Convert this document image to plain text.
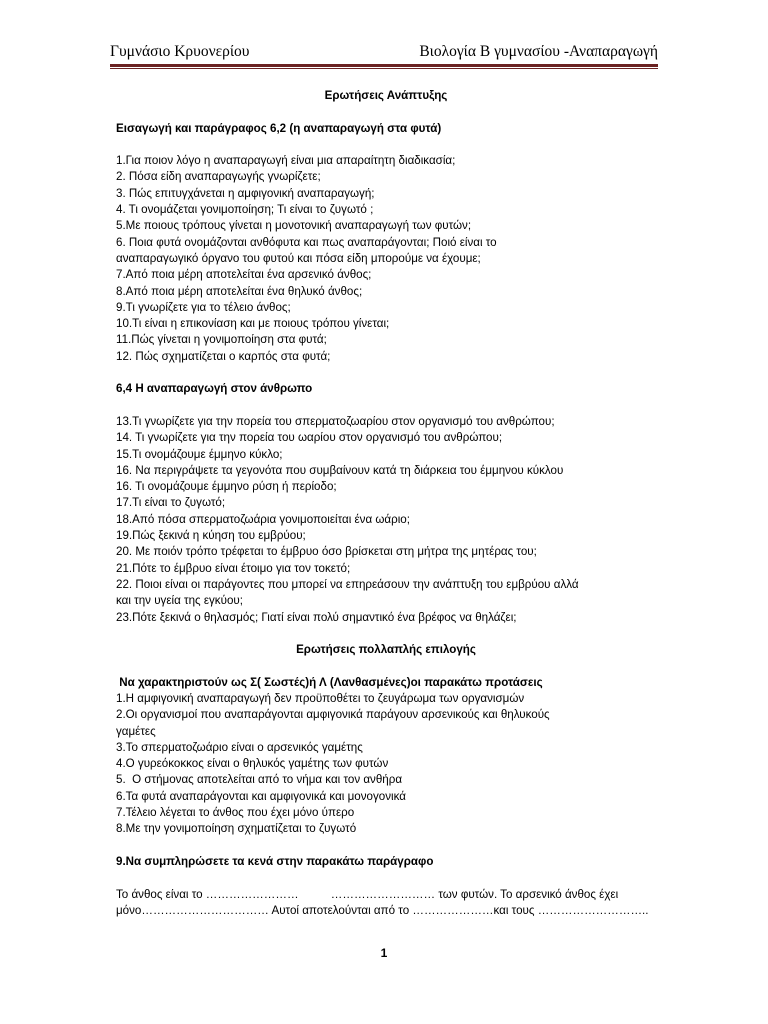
Γυμνάσιο Κρυονερίου	Βιολογία Β γυμνασίου -Αναπαραγωγή
Ερωτήσεις Ανάπτυξης
Εισαγωγή και παράγραφος 6,2 (η αναπαραγωγή στα φυτά)
1.Για ποιον λόγο η αναπαραγωγή είναι μια απαραίτητη διαδικασία;
2. Πόσα είδη αναπαραγωγής γνωρίζετε;
3. Πώς επιτυγχάνεται η αμφιγονική αναπαραγωγή;
4. Τι ονομάζεται γονιμοποίηση; Τι είναι το ζυγωτό ;
5.Με ποιους τρόπους γίνεται η μονοτονική αναπαραγωγή των φυτών;
6. Ποια φυτά ονομάζονται ανθόφυτα και πως αναπαράγονται; Ποιό είναι το
αναπαραγωγικό όργανο του φυτού και πόσα είδη μπορούμε να έχουμε;
7.Από ποια μέρη αποτελείται ένα αρσενικό άνθος;
8.Από ποια μέρη αποτελείται ένα θηλυκό άνθος;
9.Τι γνωρίζετε για το τέλειο άνθος;
10.Τι είναι η επικονίαση και με ποιους τρόπου γίνεται;
11.Πώς γίνεται η γονιμοποίηση στα φυτά;
12. Πώς σχηματίζεται ο καρπός στα φυτά;
6,4 Η αναπαραγωγή στον άνθρωπο
13.Τι γνωρίζετε για την πορεία του σπερματοζωαρίου στον οργανισμό του ανθρώπου;
14. Τι γνωρίζετε για την πορεία του ωαρίου στον οργανισμό του ανθρώπου;
15.Τι ονομάζουμε έμμηνο κύκλο;
16. Να περιγράψετε τα γεγονότα που συμβαίνουν κατά τη διάρκεια του έμμηνου κύκλου
16. Τι ονομάζουμε έμμηνο ρύση ή περίοδο;
17.Τι είναι το ζυγωτό;
18.Από πόσα σπερματοζωάρια γονιμοποιείται ένα ωάριο;
19.Πώς ξεκινά η κύηση του εμβρύου;
20. Με ποιόν τρόπο τρέφεται το έμβρυο όσο βρίσκεται στη μήτρα της μητέρας του;
21.Πότε το έμβρυο είναι έτοιμο για τον τοκετό;
22. Ποιοι είναι οι παράγοντες που μπορεί να επηρεάσουν την ανάπτυξη του εμβρύου αλλά
και την υγεία της εγκύου;
23.Πότε ξεκινά ο θηλασμός; Γιατί είναι πολύ σημαντικό ένα βρέφος να θηλάζει;
Ερωτήσεις πολλαπλής επιλογής
Να χαρακτηριστούν ως Σ( Σωστές)ή Λ (Λανθασμένες)οι παρακάτω προτάσεις
1.Η αμφιγονική αναπαραγωγή δεν προϋποθέτει το ζευγάρωμα των οργανισμών
2.Οι οργανισμοί που αναπαράγονται αμφιγονικά παράγουν αρσενικούς και θηλυκούς
γαμέτες
3.Το σπερματοζωάριο είναι ο αρσενικός γαμέτης
4.Ο γυρεόκοκκος είναι ο θηλυκός γαμέτης των φυτών
5.  Ο στήμονας αποτελείται από το νήμα και τον ανθήρα
6.Τα φυτά αναπαράγονται και αμφιγονικά και μονογονικά
7.Τέλειο λέγεται το άνθος που έχει μόνο ύπερο
8.Με την γονιμοποίηση σχηματίζεται το ζυγωτό
9.Να συμπληρώσετε τα κενά στην παρακάτω παράγραφο
Το άνθος είναι το ……………………          ……………………… των φυτών. Το αρσενικό άνθος έχει
μόνο…………………………… Αυτοί αποτελούνται από το …………………και τους ………………………..
1
